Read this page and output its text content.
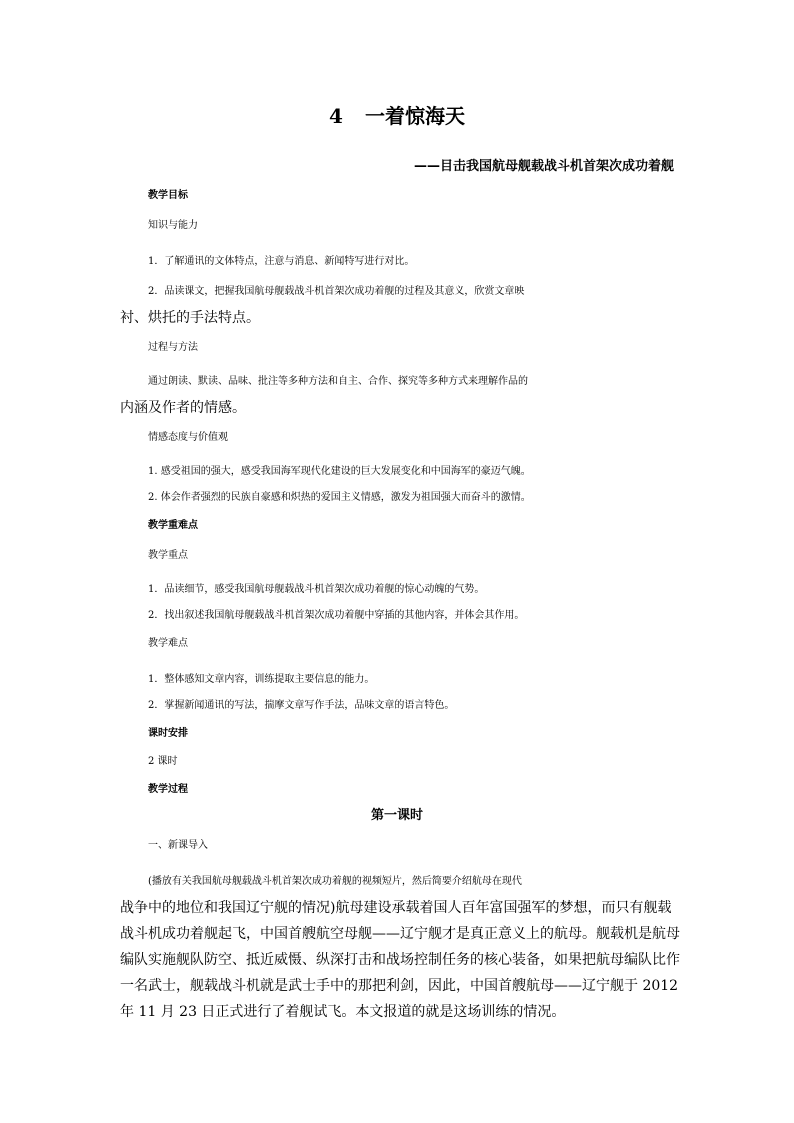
4 一着惊海天
——目击我国航母舰载战斗机首架次成功着舰
教学目标
知识与能力
1．了解通讯的文体特点，注意与消息、新闻特写进行对比。
2．品读课文，把握我国航母舰载战斗机首架次成功着舰的过程及其意义，欣赏文章映
衬、烘托的手法特点。
过程与方法
通过朗读、默读、品味、批注等多种方法和自主、合作、探究等多种方式来理解作品的
内涵及作者的情感。
情感态度与价值观
1. 感受祖国的强大，感受我国海军现代化建设的巨大发展变化和中国海军的豪迈气魄。
2. 体会作者强烈的民族自豪感和炽热的爱国主义情感，激发为祖国强大而奋斗的激情。
教学重难点
教学重点
1．品读细节，感受我国航母舰载战斗机首架次成功着舰的惊心动魄的气势。
2．找出叙述我国航母舰载战斗机首架次成功着舰中穿插的其他内容，并体会其作用。
教学难点
1．整体感知文章内容，训练提取主要信息的能力。
2．掌握新闻通讯的写法，揣摩文章写作手法，品味文章的语言特色。
课时安排
2 课时
教学过程
第一课时
一、新课导入
(播放有关我国航母舰载战斗机首架次成功着舰的视频短片，然后简要介绍航母在现代
战争中的地位和我国辽宁舰的情况)航母建设承载着国人百年富国强军的梦想，而只有舰载
战斗机成功着舰起飞，中国首艘航空母舰——辽宁舰才是真正意义上的航母。舰载机是航母
编队实施舰队防空、抵近威慑、纵深打击和战场控制任务的核心装备，如果把航母编队比作
一名武士，舰载战斗机就是武士手中的那把利剑，因此，中国首艘航母——辽宁舰于 2012
年 11 月 23 日正式进行了着舰试飞。本文报道的就是这场训练的情况。
